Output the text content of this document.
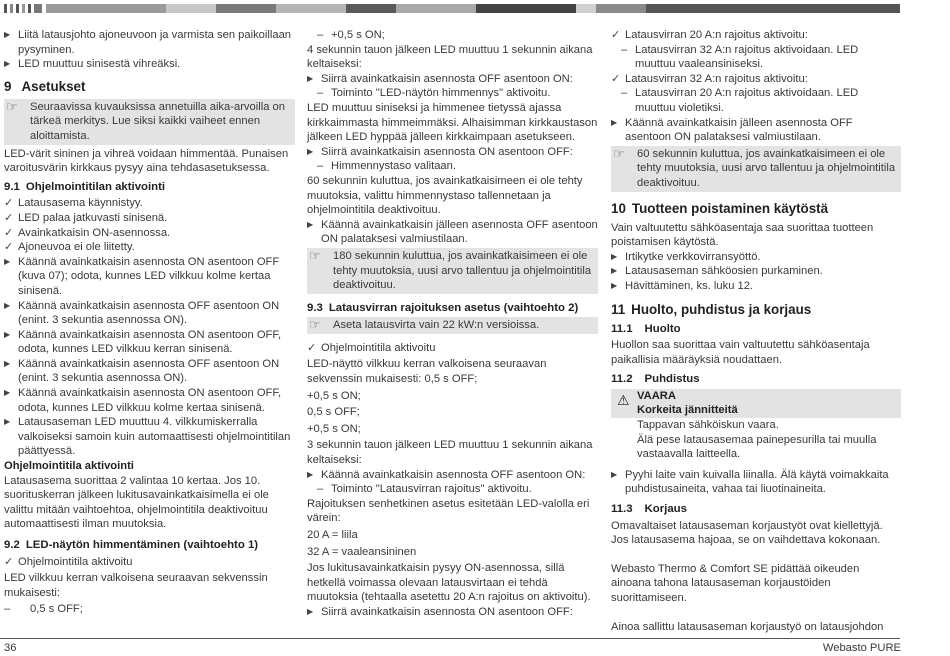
▶ Liitä latausjohto ajoneuvoon ja varmista sen paikoillaan pysyminen.

▶ LED muuttuu sinisestä vihreäksi.

9 Asetukset
☞ Seuraavissa kuvauksissa annetuilla aika-arvoilla on tärkeä merkitys. Lue siksi kaikki vaiheet ennen aloittamista.

LED-värit sininen ja vihreä voidaan himmentää. Punaisen varoitusvärin kirkkaus pysyy aina tehdasasetuksessa.

9.1 Ohjelmointitilan aktivointi

✓ Latausasema käynnistyy.

✓ LED palaa jatkuvasti sinisenä.

✓ Avainkatkaisin ON-asennossa.

✓ Ajoneuvoa ei ole liitetty.

▶ Käännä avainkatkaisin asennosta ON asentoon OFF (kuva 07); odota, kunnes LED vilkkuu kolme kertaa sinisenä.

▶ Käännä avainkatkaisin asennosta OFF asentoon ON (enint. 3 sekuntia asennossa ON).

▶ Käännä avainkatkaisin asennosta ON asentoon OFF, odota, kunnes LED vilkkuu kerran sinisenä.

▶ Käännä avainkatkaisin asennosta OFF asentoon ON (enint. 3 sekuntia asennossa ON).

▶ Käännä avainkatkaisin asennosta ON asentoon OFF, odota, kunnes LED vilkkuu kolme kertaa sinisenä.

▶ Latausaseman LED muuttuu 4. vilkkumiskerralla valkoiseksi samoin kuin automaattisesti ohjelmointitilan päättyessä.

Ohjelmointitila aktivointi

Latausasema suorittaa 2 valintaa 10 kertaa. Jos 10. suorituskerran jälkeen lukitusavainkatkaisimella ei ole valittu mitään vaihtoehtoa, ohjelmointitila deaktivoituu automaattisesti ilman muutoksia.

9.2 LED-näytön himmentäminen (vaihtoehto 1)

✓ Ohjelmointitila aktivoitu

LED vilkkuu kerran valkoisena seuraavan sekvenssin mukaisesti:

– 0,5 s OFF;

– +0,5 s ON;

4 sekunnin tauon jälkeen LED muuttuu 1 sekunnin aikana keltaiseksi:

▶ Siirrä avainkatkaisin asennosta OFF asentoon ON:

– Toiminto "LED-näytön himmennys" aktivoitu.

LED muuttuu siniseksi ja himmenee tietyssä ajassa kirkkaimmasta himmeimmäksi. Alhaisimman kirkkaustason jälkeen LED hyppää jälleen kirkkaimpaan asetukseen.

▶ Siirrä avainkatkaisin asennosta ON asentoon OFF:

– Himmennystaso valitaan.

60 sekunnin kuluttua, jos avainkatkaisimeen ei ole tehty muutoksia, valittu himmennystaso tallennetaan ja ohjelmointitila deaktivoituu.

▶ Käännä avainkatkaisin jälleen asennosta OFF asentoon ON palataksesi valmiustilaan.

☞ 180 sekunnin kuluttua, jos avainkatkaisimeen ei ole tehty muutoksia, uusi arvo tallentuu ja ohjelmointitila deaktivoituu.
9.3 Latausvirran rajoituksen asetus (vaihtoehto 2)
☞ Aseta latausvirta vain 22 kW:n versioissa.

✓ Ohjelmointitila aktivoitu

LED-näyttö vilkkuu kerran valkoisena seuraavan sekvenssin mukaisesti: 0,5 s OFF;

+0,5 s ON;

0,5 s OFF;

+0,5 s ON;

3 sekunnin tauon jälkeen LED muuttuu 1 sekunnin aikana keltaiseksi:

▶ Käännä avainkatkaisin asennosta OFF asentoon ON:

– Toiminto "Latausvirran rajoitus" aktivoitu.

Rajoituksen senhetkinen asetus esitetään LED-valolla eri värein:

20 A = liila

32 A = vaaleansininen

Jos lukitusavainkatkaisin pysyy ON-asennossa, sillä hetkellä voimassa olevaan latausvirtaan ei tehdä muutoksia (tehtaalla asetettu 20 A:n rajoitus on aktivoitu).

▶ Siirrä avainkatkaisin asennosta ON asentoon OFF:

✓ Latausvirran 20 A:n rajoitus aktivoitu:

– Latausvirran 32 A:n rajoitus aktivoidaan. LED muuttuu vaaleansiniseksi.

✓ Latausvirran 32 A:n rajoitus aktivoitu:

– Latausvirran 20 A:n rajoitus aktivoidaan. LED muuttuu violetiksi.

▶ Käännä avainkatkaisin jälleen asennosta OFF asentoon ON palataksesi valmiustilaan.

☞ 60 sekunnin kuluttua, jos avainkatkaisimeen ei ole tehty muutoksia, uusi arvo tallentuu ja ohjelmointitila deaktivoituu.
10 Tuotteen poistaminen käytöstä

Vain valtuutettu sähköasentaja saa suorittaa tuotteen poistamisen käytöstä.

▶ Irtikytke verkkovirransyöttö.

▶ Latausaseman sähköosien purkaminen.

▶ Hävittäminen, ks. luku 12.

11 Huolto, puhdistus ja korjaus
11.1 Huolto

Huollon saa suorittaa vain valtuutettu sähköasentaja paikallisia määräyksiä noudattaen.

11.2 Puhdistus
⚠ VAARA
Korkeita jännitteitä

Tappavan sähköiskun vaara.

Älä pese latausasemaa painepesurilla tai muulla vastaavalla laitteella.

▶ Pyyhi laite vain kuivalla liinalla. Älä käytä voimakkaita puhdistusaineita, vahaa tai liuotinaineita.

11.3 Korjaus

Omavaltaiset latausaseman korjaustyöt ovat kiellettyjä. Jos latausasema hajoaa, se on vaihdettava kokonaan.

Webasto Thermo & Comfort SE pidättää oikeuden ainoana tahona latausaseman korjaustöiden suorittamiseen.

Ainoa sallittu latausaseman korjaustyö on latausjohdon

36	Webasto PURE
